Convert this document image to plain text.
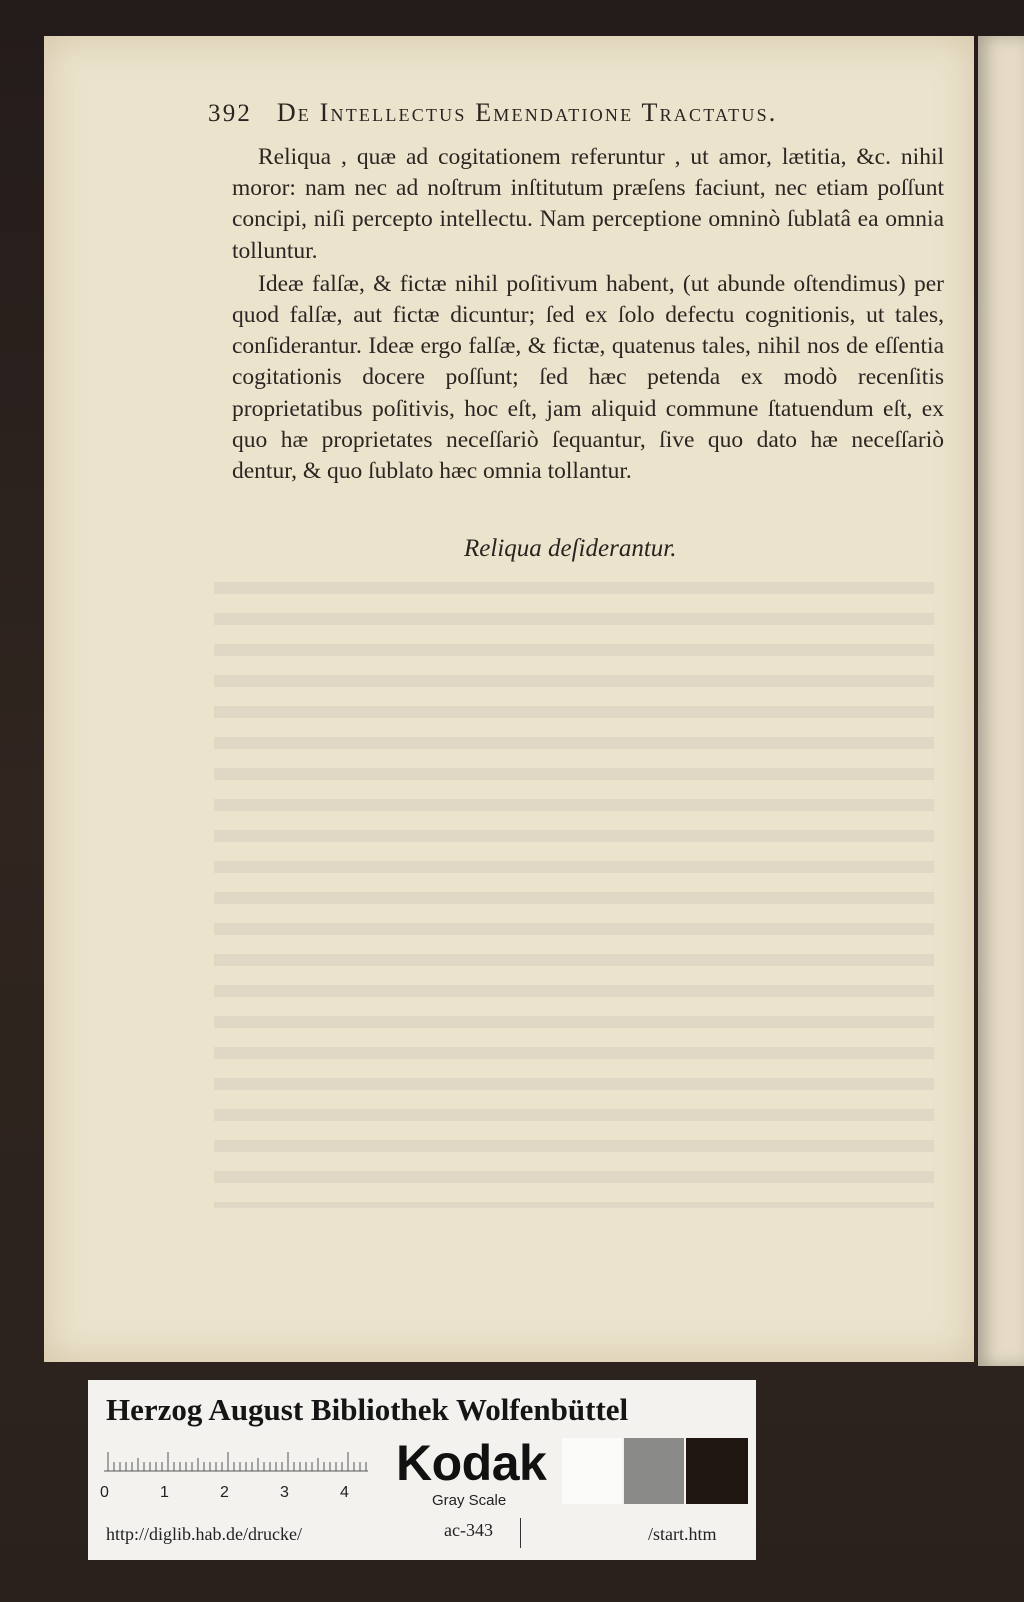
392 De Intellectus Emendatione Tractatus.

Reliqua , quæ ad cogitationem referuntur , ut amor, lætitia, &c. nihil moror: nam nec ad noſtrum inſtitutum præſens faciunt, nec etiam poſſunt concipi, niſi percepto intellectu. Nam perceptione omninò ſublatâ ea omnia tolluntur.

Ideæ falſæ, & fictæ nihil poſitivum habent, (ut abunde oſtendimus) per quod falſæ, aut fictæ dicuntur; ſed ex ſolo defectu cognitionis, ut tales, conſiderantur. Ideæ ergo falſæ, & fictæ, quatenus tales, nihil nos de eſſentia cogitationis docere poſſunt; ſed hæc petenda ex modò recenſitis proprietatibus poſitivis, hoc eſt, jam aliquid commune ſtatuendum eſt, ex quo hæ proprietates neceſſariò ſequantur, ſive quo dato hæ neceſſariò dentur, & quo ſublato hæc omnia tollantur.

Reliqua deſiderantur.
Herzog August Bibliothek Wolfenbüttel
0	1	2	3	4
Kodak
Gray Scale
http://diglib.hab.de/drucke/	ac-343	/start.htm
